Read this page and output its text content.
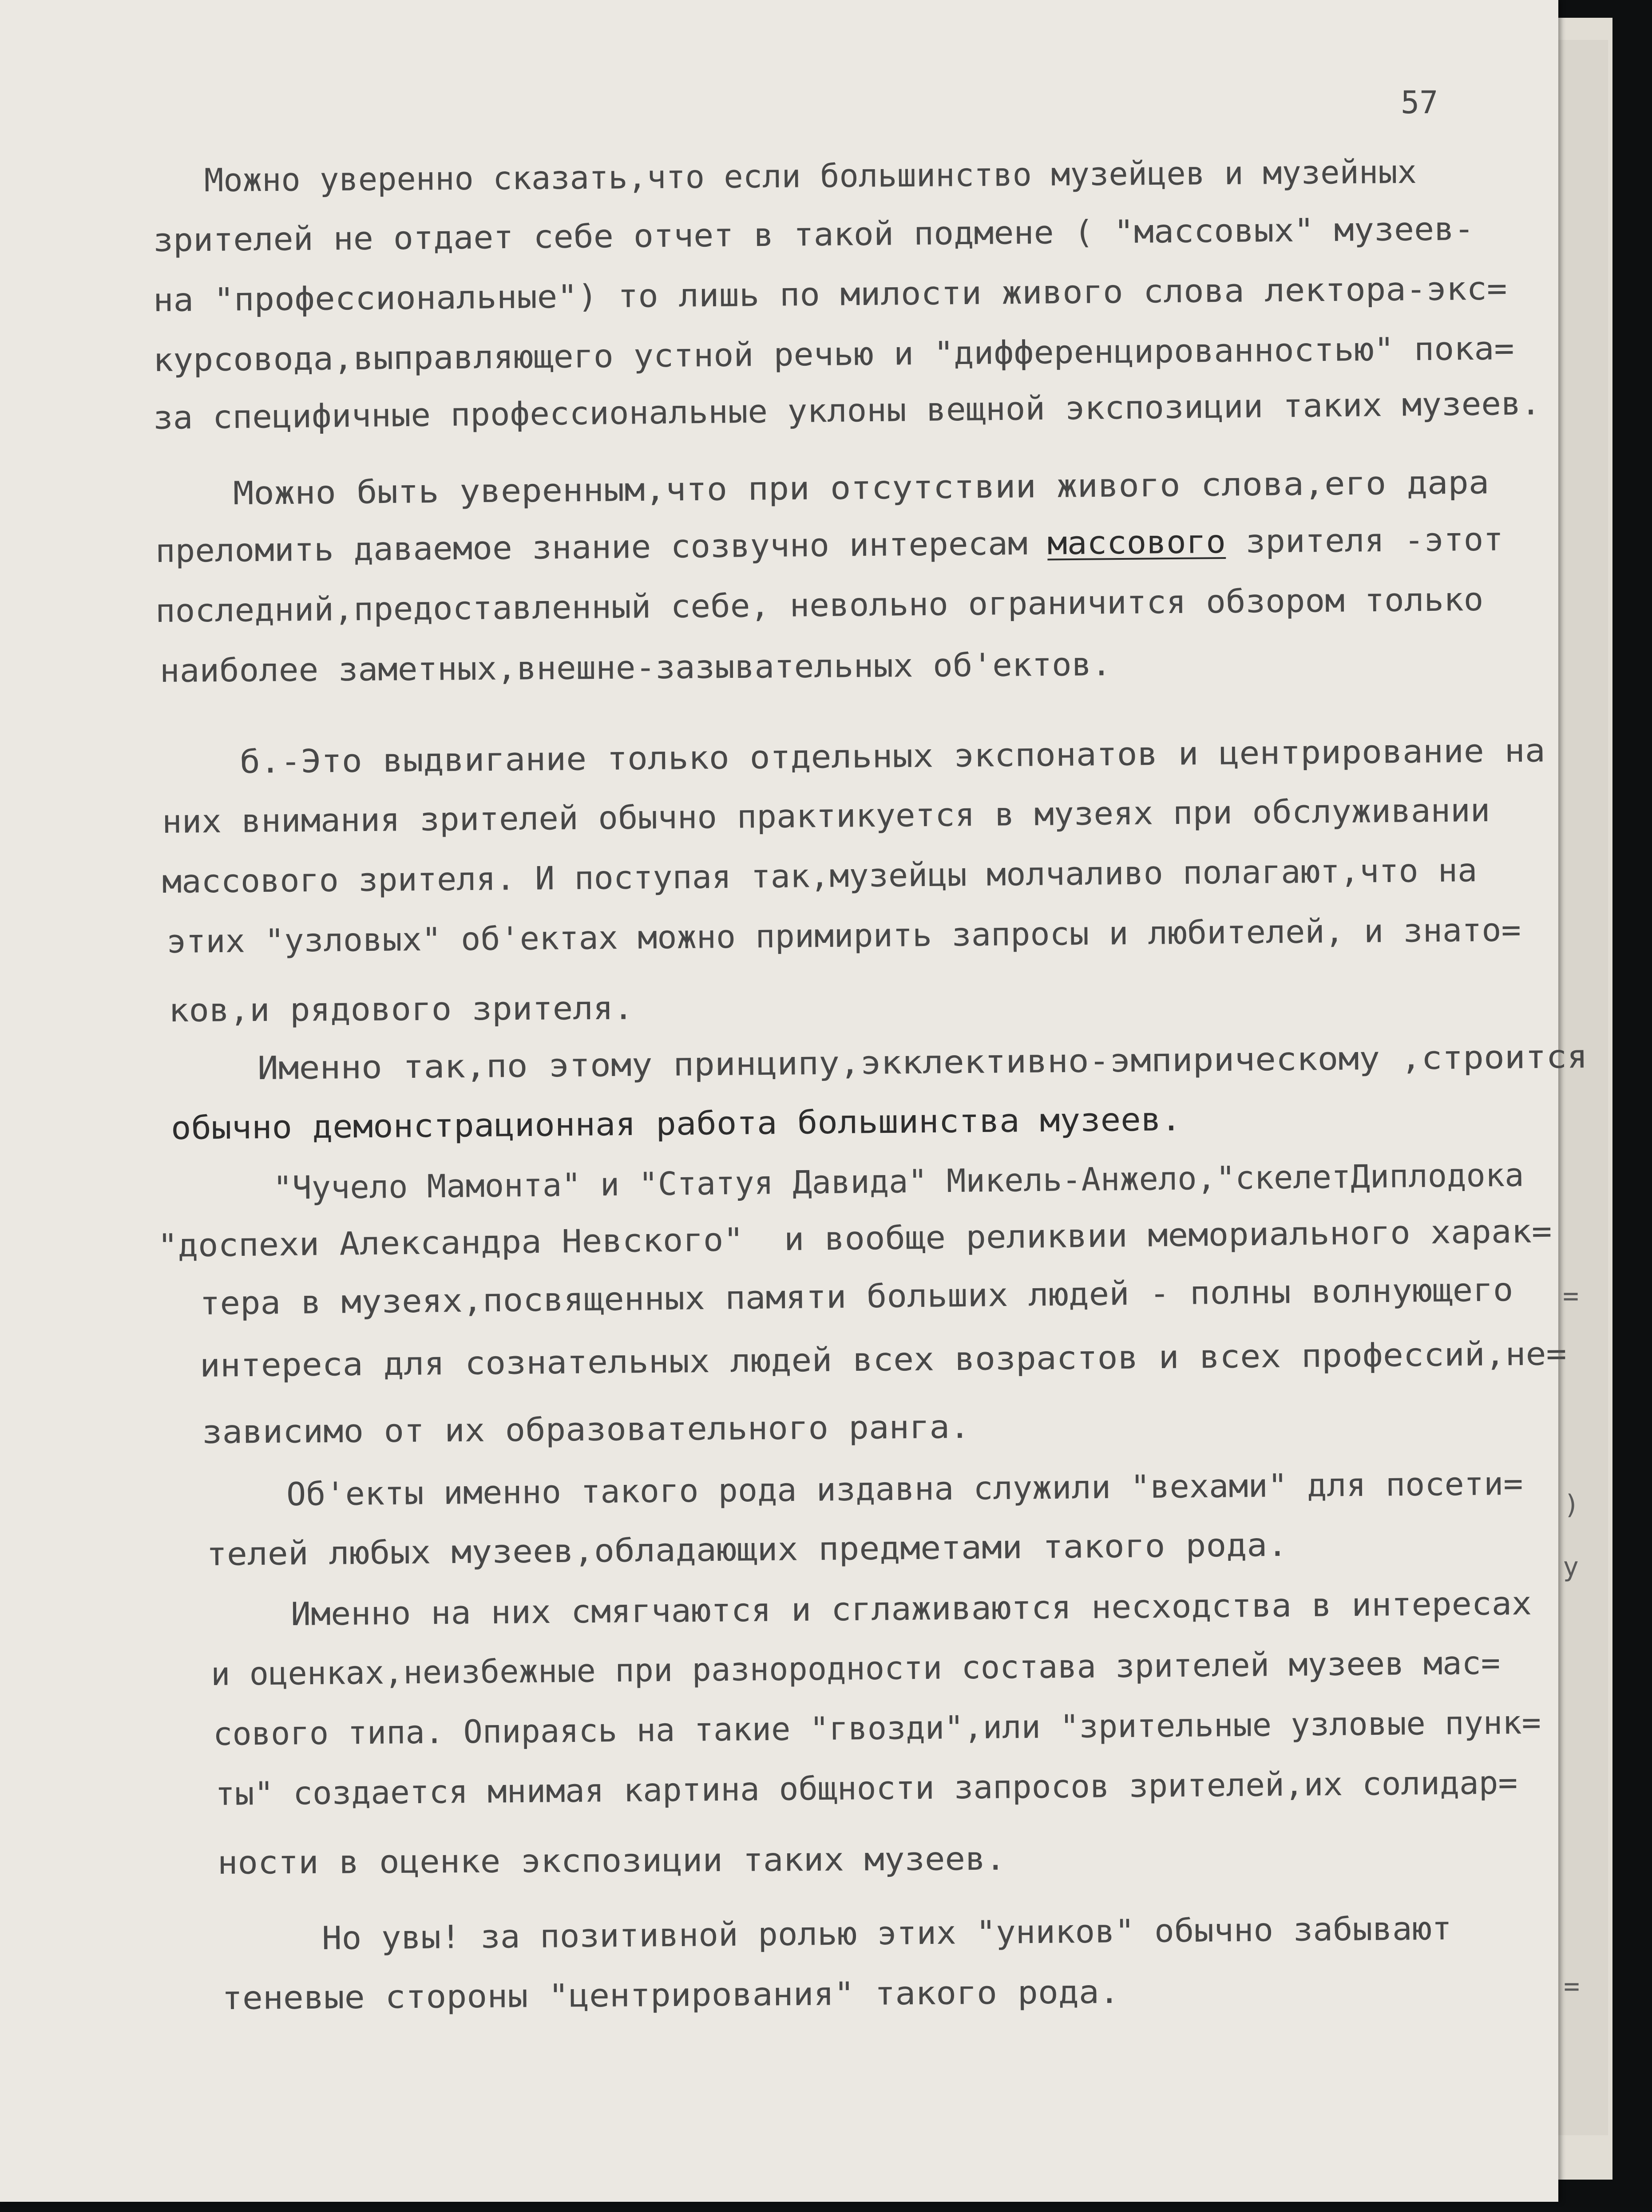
57
Можно уверенно сказать,что если большинство музейцев и музейных
зрителей не отдает себе отчет в такой подмене ( "массовых" музеев-
на "профессиональные") то лишь по милости живого слова лектора-экс=
курсовода,выправляющего устной речью и "дифференцированностью" пока=
за специфичные профессиональные уклоны вещной экспозиции таких музеев.
Можно быть уверенным,что при отсутствии живого слова,его дара
преломить даваемое знание созвучно интересам массового зрителя -этот
последний,предоставленный себе, невольно ограничится обзором только
наиболее заметных,внешне-зазывательных об'ектов.
б.-Это выдвигание только отдельных экспонатов и центрирование на
них внимания зрителей обычно практикуется в музеях при обслуживании
массового зрителя. И поступая так,музейцы молчаливо полагают,что на
этих "узловых" об'ектах можно примирить запросы и любителей, и знато=
ков,и рядового зрителя.
Именно так,по этому принципу,экклективно-эмпирическому ,строится
обычно демонстрационная работа большинства музеев.
"Чучело Мамонта" и "Статуя Давида" Микель-Анжело,"скелетДиплодока
"доспехи Александра Невского"  и вообще реликвии мемориального харак=
тера в музеях,посвященных памяти больших людей - полны волнующего
интереса для сознательных людей всех возрастов и всех профессий,не=
зависимо от их образовательного ранга.
Об'екты именно такого рода издавна служили "вехами" для посети=
телей любых музеев,обладающих предметами такого рода.
Именно на них смягчаются и сглаживаются несходства в интересах
и оценках,неизбежные при разнородности состава зрителей музеев мас=
сового типа. Опираясь на такие "гвозди",или "зрительные узловые пунк=
ты" создается мнимая картина общности запросов зрителей,их солидар=
ности в оценке экспозиции таких музеев.
Но увы! за позитивной ролью этих "уников" обычно забывают
теневые стороны "центрирования" такого рода.
=
)
у
=
